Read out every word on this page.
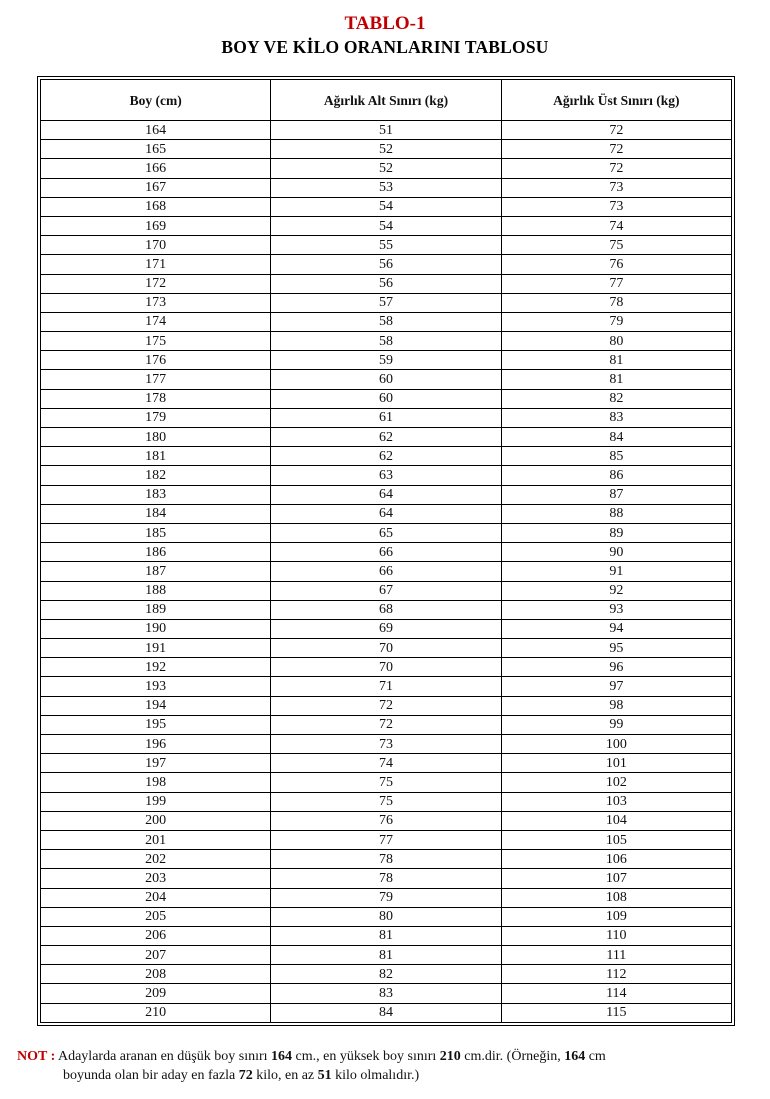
TABLO-1
BOY VE KİLO ORANLARINI TABLOSU
Boy (cm)	Ağırlık Alt Sınırı (kg)	Ağırlık Üst Sınırı (kg)
164	51	72
165	52	72
166	52	72
167	53	73
168	54	73
169	54	74
170	55	75
171	56	76
172	56	77
173	57	78
174	58	79
175	58	80
176	59	81
177	60	81
178	60	82
179	61	83
180	62	84
181	62	85
182	63	86
183	64	87
184	64	88
185	65	89
186	66	90
187	66	91
188	67	92
189	68	93
190	69	94
191	70	95
192	70	96
193	71	97
194	72	98
195	72	99
196	73	100
197	74	101
198	75	102
199	75	103
200	76	104
201	77	105
202	78	106
203	78	107
204	79	108
205	80	109
206	81	110
207	81	111
208	82	112
209	83	114
210	84	115
NOT : Adaylarda aranan en düşük boy sınırı 164 cm., en yüksek boy sınırı 210 cm.dir. (Örneğin, 164 cm
boyunda olan bir aday en fazla 72 kilo, en az 51 kilo olmalıdır.)
